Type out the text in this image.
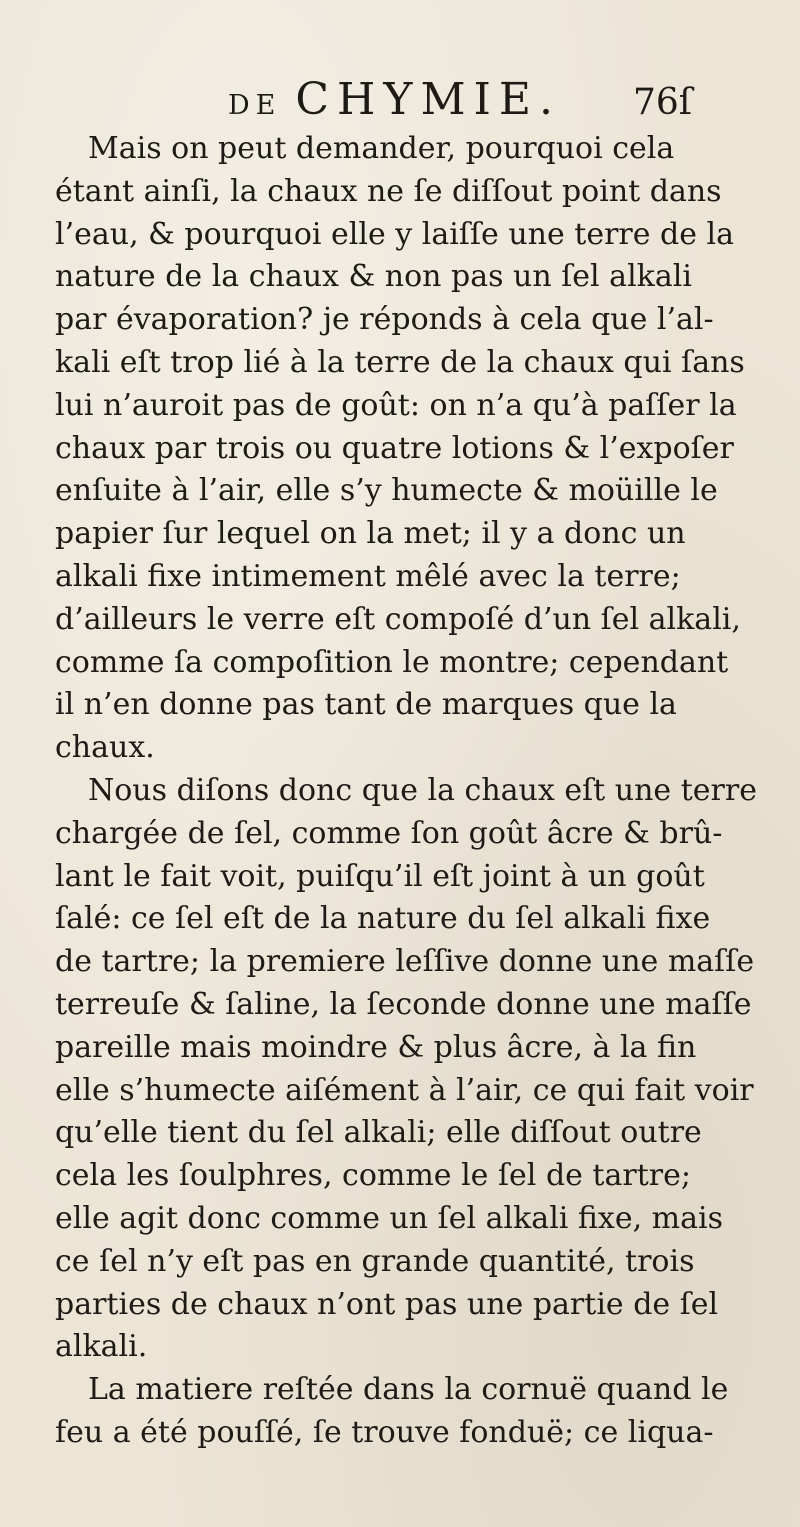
DE CHYMIE. 76ſ
Mais on peut demander, pourquoi cela
étant ainſi, la chaux ne ſe diſſout point dans
l’eau, & pourquoi elle y laiſſe une terre de la
nature de la chaux & non pas un ſel alkali
par évaporation? je réponds à cela que l’al-
kali eſt trop lié à la terre de la chaux qui ſans
lui n’auroit pas de goût: on n’a qu’à paſſer la
chaux par trois ou quatre lotions & l’expoſer
enſuite à l’air, elle s’y humecte & moüille le
papier ſur lequel on la met; il y a donc un
alkali fixe intimement mêlé avec la terre;
d’ailleurs le verre eſt compoſé d’un ſel alkali,
comme ſa compoſition le montre; cependant
il n’en donne pas tant de marques que la
chaux.
Nous diſons donc que la chaux eſt une terre
chargée de ſel, comme ſon goût âcre & brû-
lant le fait voit, puiſqu’il eſt joint à un goût
ſalé: ce ſel eſt de la nature du ſel alkali fixe
de tartre; la premiere leſſive donne une maſſe
terreuſe & ſaline, la ſeconde donne une maſſe
pareille mais moindre & plus âcre, à la fin
elle s’humecte aiſément à l’air, ce qui fait voir
qu’elle tient du ſel alkali; elle diſſout outre
cela les ſoulphres, comme le ſel de tartre;
elle agit donc comme un ſel alkali fixe, mais
ce ſel n’y eſt pas en grande quantité, trois
parties de chaux n’ont pas une partie de ſel
alkali.
La matiere reſtée dans la cornuë quand le
feu a été pouſſé, ſe trouve fonduë; ce liqua-
